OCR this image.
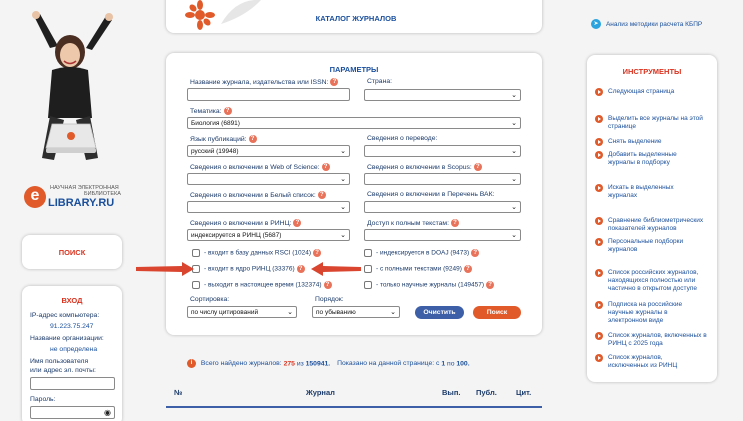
e	НАУЧНАЯ ЭЛЕКТРОННАЯ
БИБЛИОТЕКА
LIBRARY.RU
ПОИСК
ВХОД
IP-адрес компьютера:
91.223.75.247
Название организации:
не определена
Имя пользователя
или адрес эл. почты:
Пароль:
◉
КАТАЛОГ ЖУРНАЛОВ
➤ Анализ методики расчета КБПР
ПАРАМЕТРЫ
Название журнала, издательства или ISSN: ?	Страна:
⌄
Тематика: ?
Биология (6891)	⌄
Язык публикаций: ?
русский (19948)	⌄
Сведения о переводе:
⌄
Сведения о включении в Web of Science: ?
⌄
Сведения о включении в Scopus: ?
⌄
Сведения о включении в Белый список: ?
⌄
Сведения о включении в Перечень ВАК:
⌄
Сведения о включении в РИНЦ: ?
индексируется в РИНЦ (5687)	⌄
Доступ к полным текстам: ?
⌄
- входит в базу данных RSCI (1024) ?
- входит в ядро РИНЦ (33376) ?
- выходит в настоящее время (132374) ?
- индексируется в DOAJ (9473) ?
- с полными текстами (9249) ?
- только научные журналы (149457) ?
Сортировка:
по числу цитирований	⌄
Порядок:
по убыванию	⌄	Очистить	Поиск
i Всего найдено журналов: 275 из 150941. Показано на данной странице: с 1 по 100.
№	Журнал	Вып. Публ.	Цит.
ИНСТРУМЕНТЫ
Следующая страница
Выделить все журналы на этой странице
Снять выделение
Добавить выделенные журналы в подборку
Искать в выделенных журналах
Сравнение библиометрических показателей журналов
Персональные подборки журналов
Список российских журналов, находящихся полностью или частично в открытом доступе
Подписка на российские научные журналы в электронном виде
Список журналов, включенных в РИНЦ с 2025 года
Список журналов, исключенных из РИНЦ
